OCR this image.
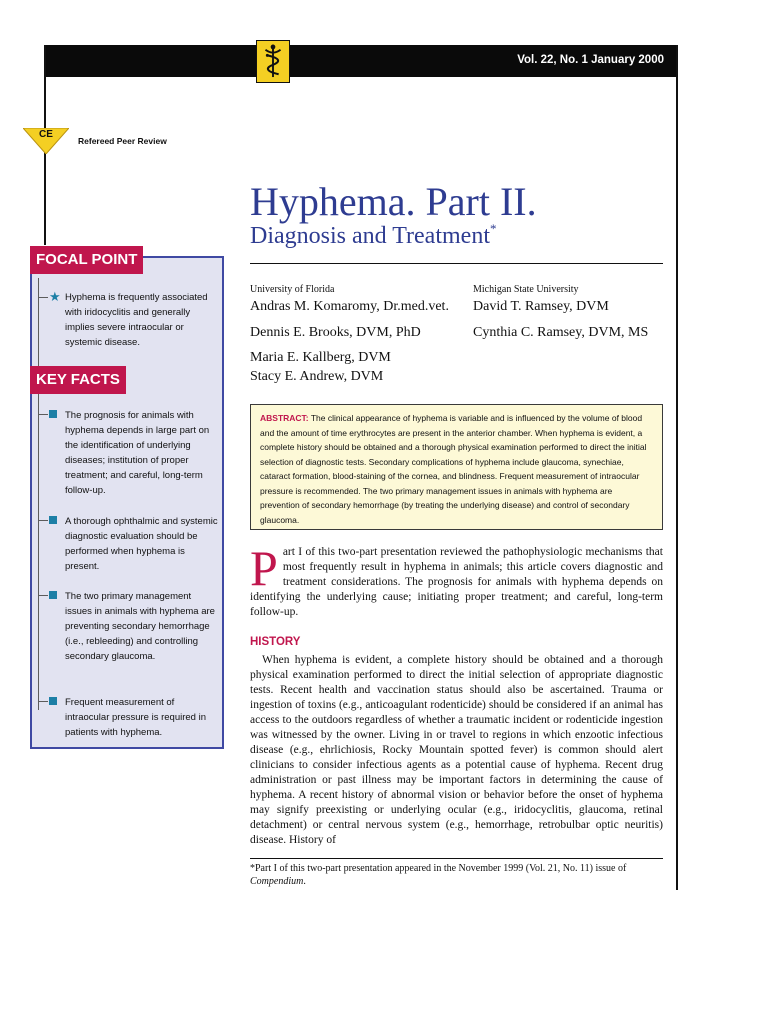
Vol. 22, No. 1 January 2000
CE
Refereed Peer Review
Hyphema. Part II.
Diagnosis and Treatment*
University of Florida	Michigan State University
Andras M. Komaromy, Dr.med.vet.
Dennis E. Brooks, DVM, PhD
Maria E. Kallberg, DVM
Stacy E. Andrew, DVM
David T. Ramsey, DVM
Cynthia C. Ramsey, DVM, MS
ABSTRACT: The clinical appearance of hyphema is variable and is influenced by the volume of blood and the amount of time erythrocytes are present in the anterior chamber. When hyphema is evident, a complete history should be obtained and a thorough physical examination performed to direct the initial selection of diagnostic tests. Secondary complications of hyphema include glaucoma, synechiae, cataract formation, blood-staining of the cornea, and blindness. Frequent measurement of intraocular pressure is recommended. The two primary management issues in animals with hyphema are prevention of secondary hemorrhage (by treating the underlying disease) and control of secondary glaucoma.
Part I of this two-part presentation reviewed the pathophysiologic mechanisms that most frequently result in hyphema in animals; this article covers diagnostic and treatment considerations. The prognosis for animals with hyphema depends on identifying the underlying cause; initiating proper treatment; and careful, long-term follow-up.
HISTORY
When hyphema is evident, a complete history should be obtained and a thorough physical examination performed to direct the initial selection of appropriate diagnostic tests. Recent health and vaccination status should also be ascertained. Trauma or ingestion of toxins (e.g., anticoagulant rodenticide) should be considered if an animal has access to the outdoors regardless of whether a traumatic incident or rodenticide ingestion was witnessed by the owner. Living in or travel to regions in which enzootic infectious disease (e.g., ehrlichiosis, Rocky Mountain spotted fever) is common should alert clinicians to consider infectious agents as a potential cause of hyphema. Recent drug administration or past illness may be important factors in determining the cause of hyphema. A recent history of abnormal vision or behavior before the onset of hyphema may signify preexisting or underlying ocular (e.g., iridocyclitis, glaucoma, retinal detachment) or central nervous system (e.g., hemorrhage, retrobulbar optic neuritis) disease. History of
*Part I of this two-part presentation appeared in the November 1999 (Vol. 21, No. 11) issue of Compendium.
FOCAL POINT
★ Hyphema is frequently associated with iridocyclitis and generally implies severe intraocular or systemic disease.
KEY FACTS
The prognosis for animals with hyphema depends in large part on the identification of underlying diseases; institution of proper treatment; and careful, long-term follow-up.
A thorough ophthalmic and systemic diagnostic evaluation should be performed when hyphema is present.
The two primary management issues in animals with hyphema are preventing secondary hemorrhage (i.e., rebleeding) and controlling secondary glaucoma.
Frequent measurement of intraocular pressure is required in patients with hyphema.
